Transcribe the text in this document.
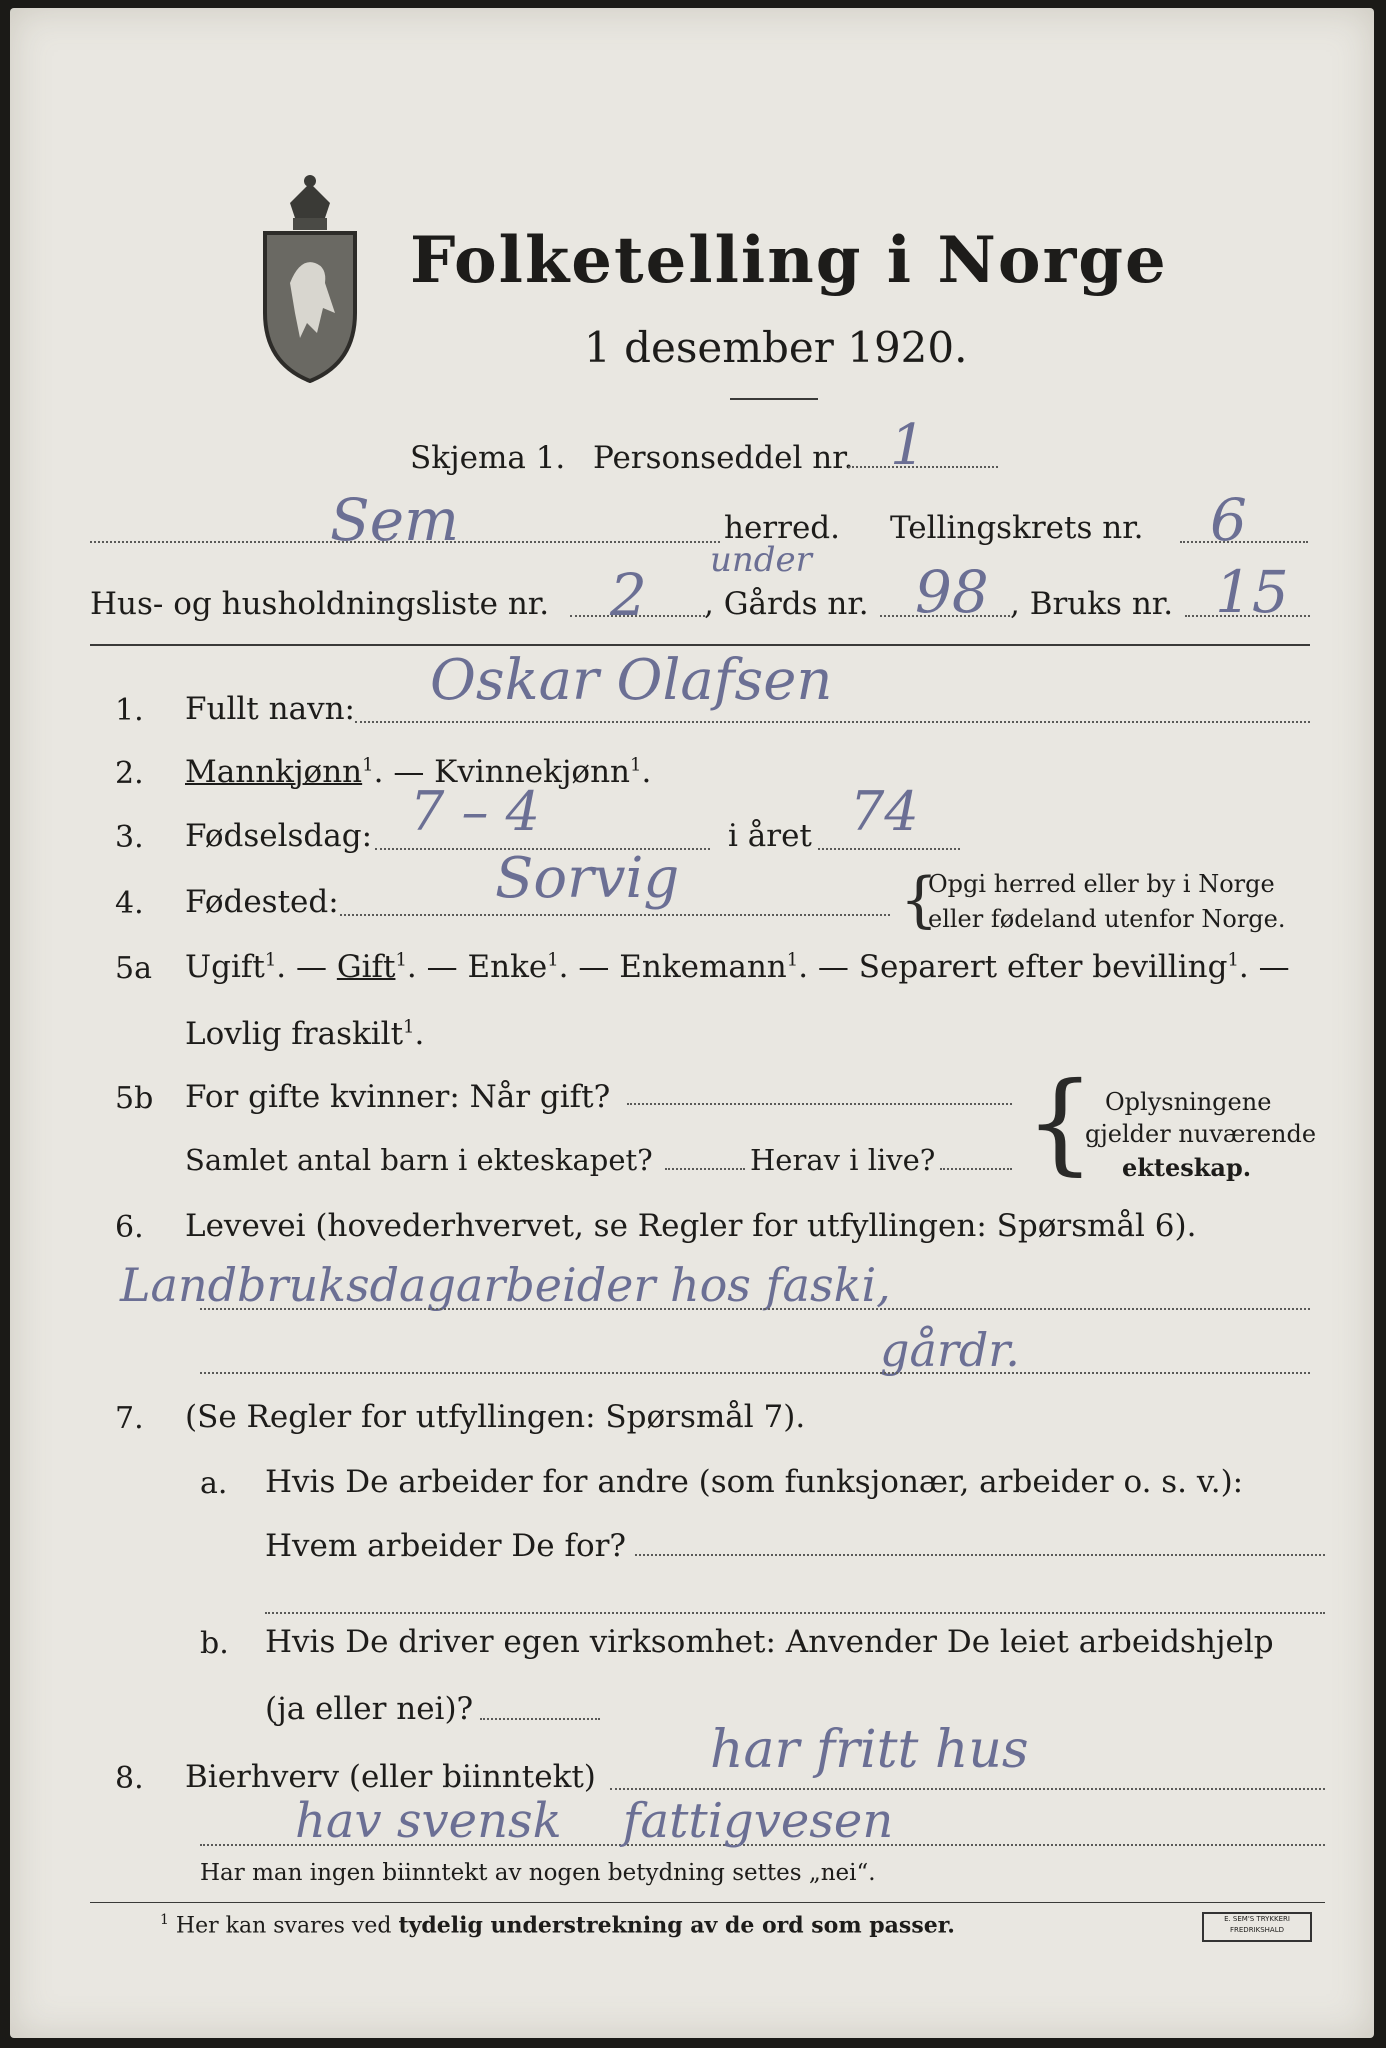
Folketelling i Norge
1 desember 1920.
Skjema 1. Personseddel nr. 1
Sem	herred. Tellingskrets nr. 6
Hus- og husholdningsliste nr. 2
under
, Gårds nr. 98 , Bruks nr. 15
1. Fullt navn: Oskar Olafsen
2. Mannkjønn$^1$. — Kvinnekjønn$^1$.
3. Fødselsdag: 7 – 4	i året 74
4. Fødested:	Sorvig	{
Opgi herred eller by i Norge
eller fødeland utenfor Norge.
5a Ugift$^1$. — Gift$^1$. — Enke$^1$. — Enkemann$^1$. — Separert efter bevilling$^1$. —
Lovlig fraskilt$^1$.
5b For gifte kvinner: Når gift?
Samlet antal barn i ekteskapet?	Herav i live? { Oplysningene
gjelder nuværende
ekteskap.
6. Levevei (hovederhvervet, se Regler for utfyllingen: Spørsmål 6).
Landbruksdagarbeider hos faski,
gårdr.
7. (Se Regler for utfyllingen: Spørsmål 7).
a. Hvis De arbeider for andre (som funksjonær, arbeider o. s. v.):
Hvem arbeider De for?
b. Hvis De driver egen virksomhet: Anvender De leiet arbeidshjelp
(ja eller nei)?
8. Bierhverv (eller biinntekt) har fritt hus
hav svensk    fattigvesen
Har man ingen biinntekt av nogen betydning settes „nei“.
$^1$ Her kan svares ved tydelig understrekning av de ord som passer.	E. SEM'S TRYKKERI FREDRIKSHALD
